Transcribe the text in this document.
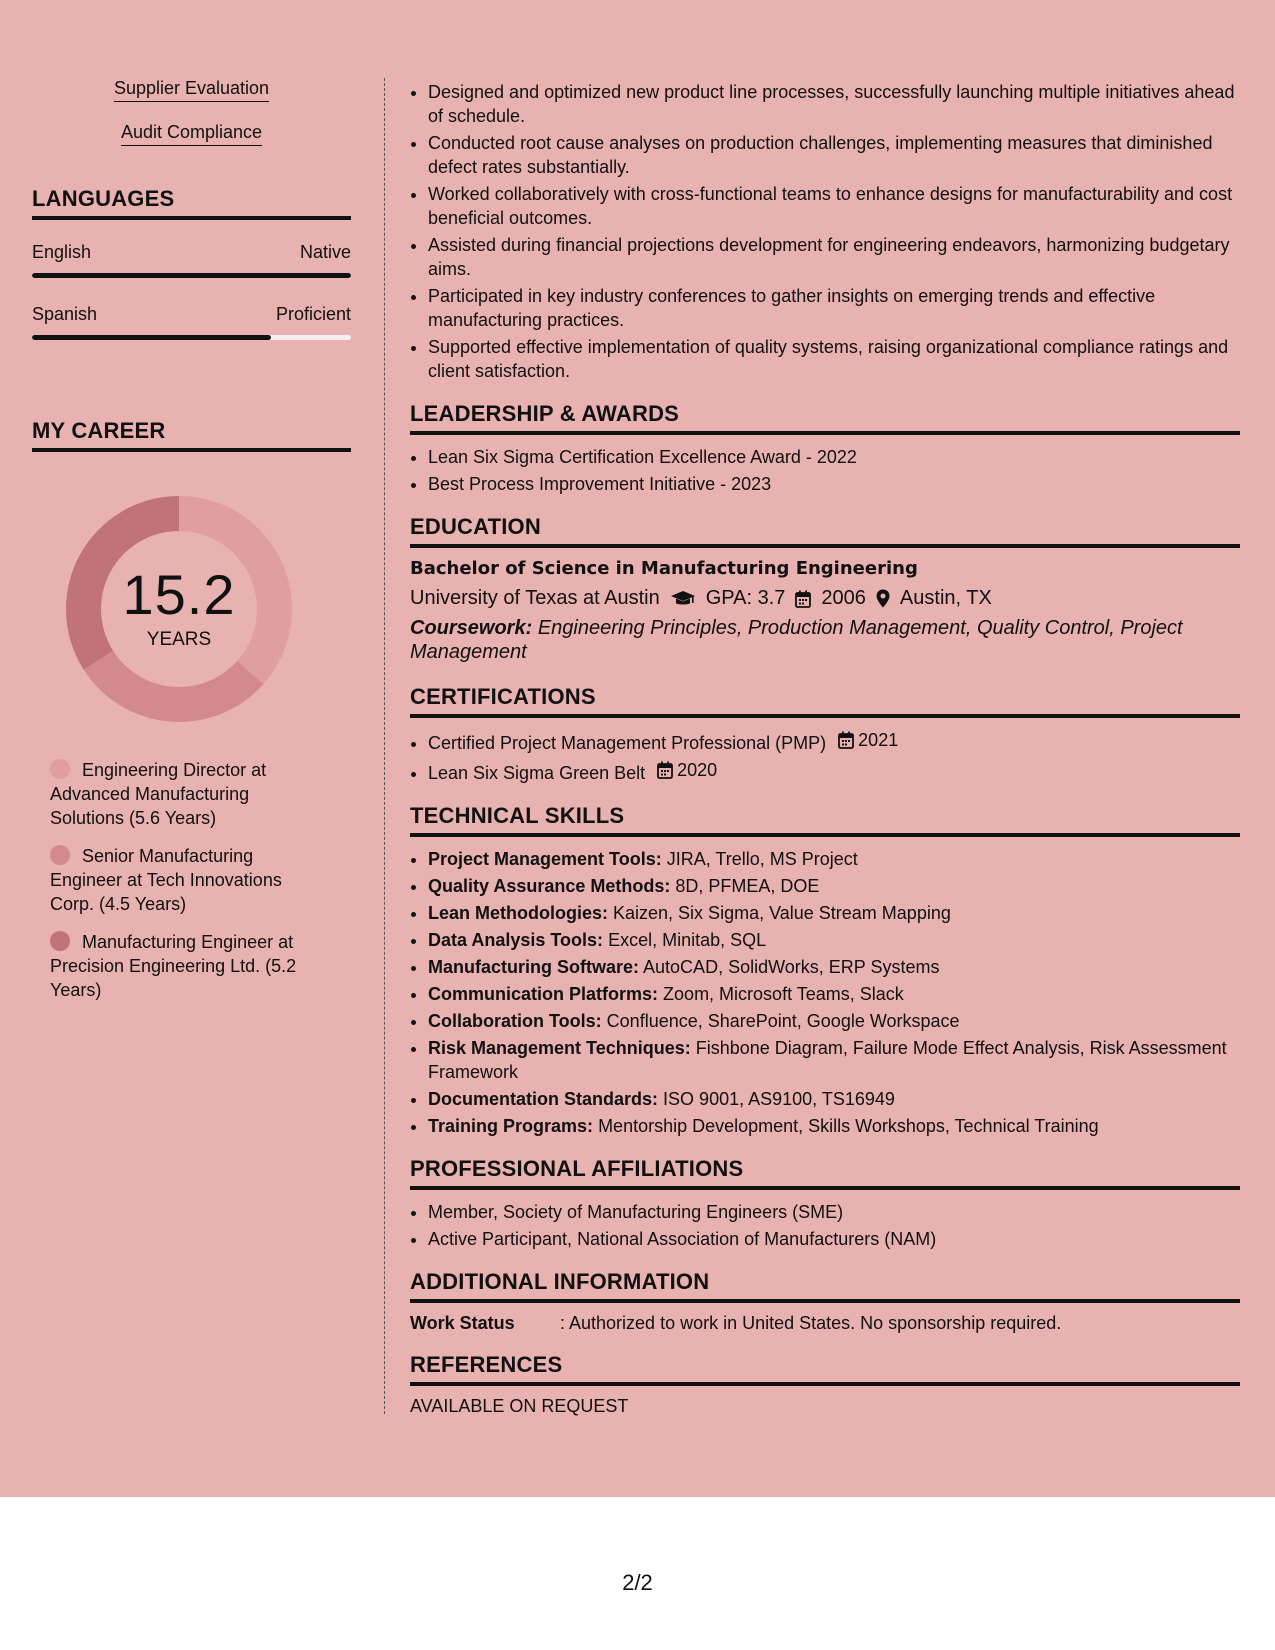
Supplier Evaluation
Audit Compliance
LANGUAGES
English	Native
Spanish	Proficient
MY CAREER
15.2
YEARS
Engineering Director at Advanced Manufacturing Solutions (5.6 Years)
Senior Manufacturing Engineer at Tech Innovations Corp. (4.5 Years)
Manufacturing Engineer at Precision Engineering Ltd. (5.2 Years)
• Designed and optimized new product line processes, successfully launching multiple initiatives ahead of schedule.
• Conducted root cause analyses on production challenges, implementing measures that diminished defect rates substantially.
• Worked collaboratively with cross-functional teams to enhance designs for manufacturability and cost beneficial outcomes.
• Assisted during financial projections development for engineering endeavors, harmonizing budgetary aims.
• Participated in key industry conferences to gather insights on emerging trends and effective manufacturing practices.
• Supported effective implementation of quality systems, raising organizational compliance ratings and client satisfaction.
LEADERSHIP & AWARDS
• Lean Six Sigma Certification Excellence Award - 2022
• Best Process Improvement Initiative - 2023
EDUCATION
Bachelor of Science in Manufacturing Engineering
University of Texas at Austin GPA: 3.7 2006 Austin, TX
Coursework: Engineering Principles, Production Management, Quality Control, Project Management
CERTIFICATIONS
• Certified Project Management Professional (PMP) 2021
• Lean Six Sigma Green Belt 2020
TECHNICAL SKILLS
• Project Management Tools: JIRA, Trello, MS Project
• Quality Assurance Methods: 8D, PFMEA, DOE
• Lean Methodologies: Kaizen, Six Sigma, Value Stream Mapping
• Data Analysis Tools: Excel, Minitab, SQL
• Manufacturing Software: AutoCAD, SolidWorks, ERP Systems
• Communication Platforms: Zoom, Microsoft Teams, Slack
• Collaboration Tools: Confluence, SharePoint, Google Workspace
• Risk Management Techniques: Fishbone Diagram, Failure Mode Effect Analysis, Risk Assessment Framework
• Documentation Standards: ISO 9001, AS9100, TS16949
• Training Programs: Mentorship Development, Skills Workshops, Technical Training
PROFESSIONAL AFFILIATIONS
• Member, Society of Manufacturing Engineers (SME)
• Active Participant, National Association of Manufacturers (NAM)
ADDITIONAL INFORMATION
Work Status	: Authorized to work in United States. No sponsorship required.
REFERENCES
AVAILABLE ON REQUEST
2/2
